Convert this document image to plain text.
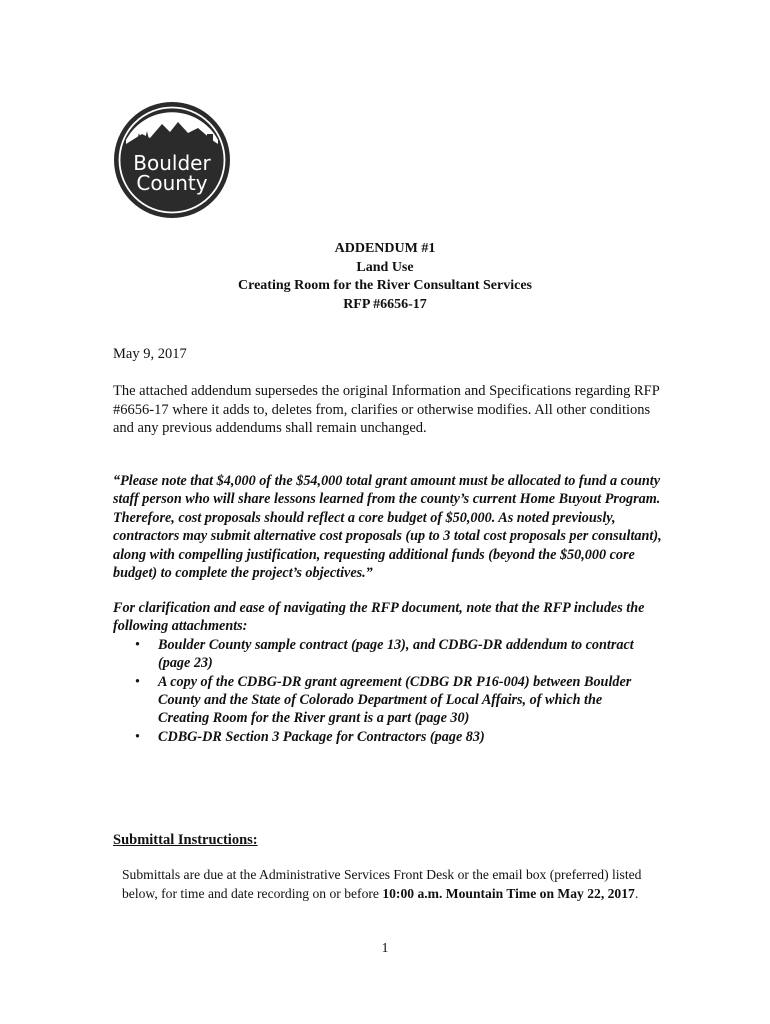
Boulder
County
ADDENDUM #1
Land Use
Creating Room for the River Consultant Services
RFP #6656-17
May 9, 2017
The attached addendum supersedes the original Information and Specifications regarding RFP #6656-17 where it adds to, deletes from, clarifies or otherwise modifies. All other conditions and any previous addendums shall remain unchanged.
“Please note that $4,000 of the $54,000 total grant amount must be allocated to fund a county staff person who will share lessons learned from the county’s current Home Buyout Program. Therefore, cost proposals should reflect a core budget of $50,000. As noted previously, contractors may submit alternative cost proposals (up to 3 total cost proposals per consultant), along with compelling justification, requesting additional funds (beyond the $50,000 core budget) to complete the project’s objectives.”
For clarification and ease of navigating the RFP document, note that the RFP includes the following attachments:
• Boulder County sample contract (page 13), and CDBG-DR addendum to contract (page 23)
• A copy of the CDBG-DR grant agreement (CDBG DR P16-004) between Boulder County and the State of Colorado Department of Local Affairs, of which the Creating Room for the River grant is a part (page 30)
• CDBG-DR Section 3 Package for Contractors (page 83)
Submittal Instructions:
Submittals are due at the Administrative Services Front Desk or the email box (preferred) listed below, for time and date recording on or before 10:00 a.m. Mountain Time on May 22, 2017.
1
